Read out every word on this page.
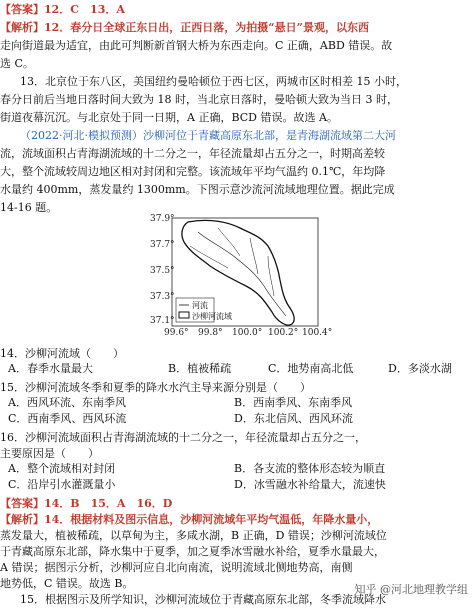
【答案】12．C　13．A
【解析】12．春分日全球正东日出，正西日落，为拍摄“悬日”景观，以东西
走向街道最为适宜，由此可判断新首钢大桥为东西走向。C 正确，ABD 错误。故
选 C。
13．北京位于东八区，美国纽约曼哈顿位于西七区，两城市区时相差 15 小时，
春分日前后当地日落时间大致为 18 时，当北京日落时，曼哈顿大致为当日 3 时，
街道夜幕沉沉。与北京处于同一日期，A 正确，BCD 错误。故选 A。
（2022·河北·模拟预测）沙柳河位于青藏高原东北部，是青海湖流域第二大河
流，流域面积占青海湖流域的十二分之一，年径流量却占五分之一，时期高差较
大，整个流域较周边地区相对封闭和完整。该流域年平均气温约 0.1℃，年均降
水量约 400mm，蒸发量约 1300mm。下图示意沙流河流域地理位置。据此完成
14-16 题。
37.9°
37.7°
37.5°
37.3°
37.1°
99.6° 99.8° 100.0° 100.2° 100.4°
河流
沙柳河流域
14．沙柳河流域（　　）
A．春季水量最大	B．植被稀疏	C．地势南高北低	D．多淡水湖
15．沙柳河流域冬季和夏季的降水水汽主导来源分别是（　　）
A．西风环流、东南季风	B．西南季风、东南季风
C．西南季风、西风环流	D．东北信风、西风环流
16．沙柳河流域面积占青海湖流域的十二分之一，年径流量却占五分之一，
主要原因是（　　）
A．整个流域相对封闭	B．各支流的整体形态较为顺直
C．沿岸引水灌溉量小	D．冰雪融水补给量大，流速快
【答案】14．B　15．A　16．D
【解析】14．根据材料及图示信息，沙柳河流域年平均气温低，年降水量小，
蒸发量大，植被稀疏，以草甸为主，多咸水湖，B 正确，D 错误；沙柳河流域位
于青藏高原东北部，降水集中于夏季，加之夏季冰雪融水补给，夏季水量最大，
A 错误；据图示分析，沙柳河应自北向南流，说明流域北侧地势高，南侧
地势低，C 错误。故选 B。
15．根据图示及所学知识，沙柳河流域位于青藏高原东北部，冬季流域降水
知乎 @河北地理教学组
